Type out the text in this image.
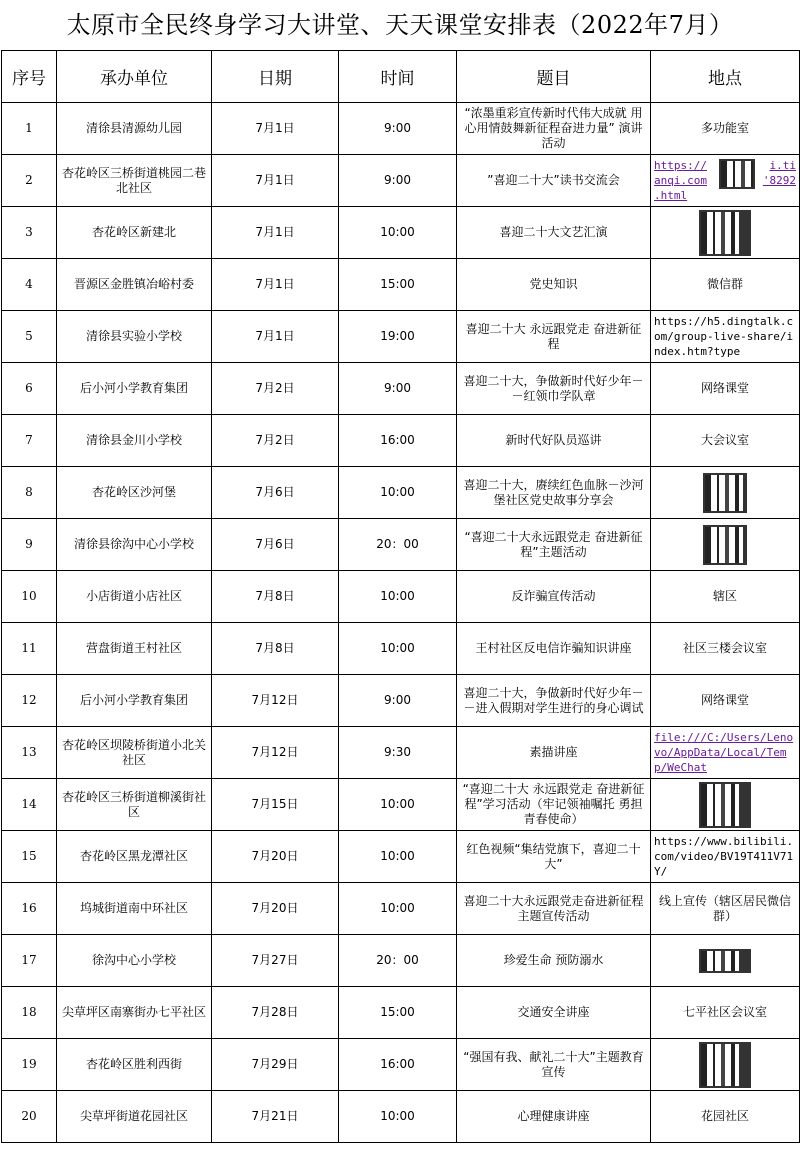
太原市全民终身学习大讲堂、天天课堂安排表（2022年7月）
序号	承办单位	日期	时间	题目	地点
1	清徐县清源幼儿园	7月1日	9:00	“浓墨重彩宣传新时代伟大成就 用心用情鼓舞新征程奋进力量” 演讲活动	多功能室
2	杏花岭区三桥街道桃园二巷北社区	7月1日	9:00	”喜迎二十大”读书交流会	https:// i.ti
anqi.com '8292
.html

3	杏花岭区新建北	7月1日	10:00	喜迎二十大文艺汇演	

4	晋源区金胜镇冶峪村委	7月1日	15:00	党史知识	微信群
5	清徐县实验小学校	7月1日	19:00	喜迎二十大 永远跟党走 奋进新征程	https://h5.dingtalk.com/group-live-share/index.htm?type

6	后小河小学教育集团	7月2日	9:00	喜迎二十大，争做新时代好少年－－红领巾学队章	网络课堂
7	清徐县金川小学校	7月2日	16:00	新时代好队员巡讲	大会议室
8	杏花岭区沙河堡	7月6日	10:00	喜迎二十大，赓续红色血脉－沙河堡社区党史故事分享会	

9	清徐县徐沟中心小学校	7月6日	20：00	“喜迎二十大永远跟党走 奋进新征程”主题活动	

10	小店街道小店社区	7月8日	10:00	反诈骗宣传活动	辖区
11	营盘街道王村社区	7月8日	10:00	王村社区反电信诈骗知识讲座	社区三楼会议室
12	后小河小学教育集团	7月12日	9:00	喜迎二十大，争做新时代好少年－－进入假期对学生进行的身心调试	网络课堂
13	杏花岭区坝陵桥街道小北关社区	7月12日	9:30	素描讲座	file:///C:/Users/Lenovo/AppData/Local/Temp/WeChat

14	杏花岭区三桥街道柳溪街社区	7月15日	10:00	“喜迎二十大 永远跟党走 奋进新征程”学习活动（牢记领袖嘱托 勇担青春使命）	

15	杏花岭区黑龙潭社区	7月20日	10:00	红色视频“集结党旗下，喜迎二十大”	https://www.bilibili.com/video/BV19T411V71Y/

16	坞城街道南中环社区	7月20日	10:00	喜迎二十大永远跟党走奋进新征程主题宣传活动	线上宣传（辖区居民微信群）
17	徐沟中心小学校	7月27日	20：00	珍爱生命 预防溺水	

18	尖草坪区南寨街办七平社区	7月28日	15:00	交通安全讲座	七平社区会议室
19	杏花岭区胜利西街	7月29日	16:00	“强国有我、献礼二十大”主题教育宣传	

20	尖草坪街道花园社区	7月21日	10:00	心理健康讲座	花园社区
